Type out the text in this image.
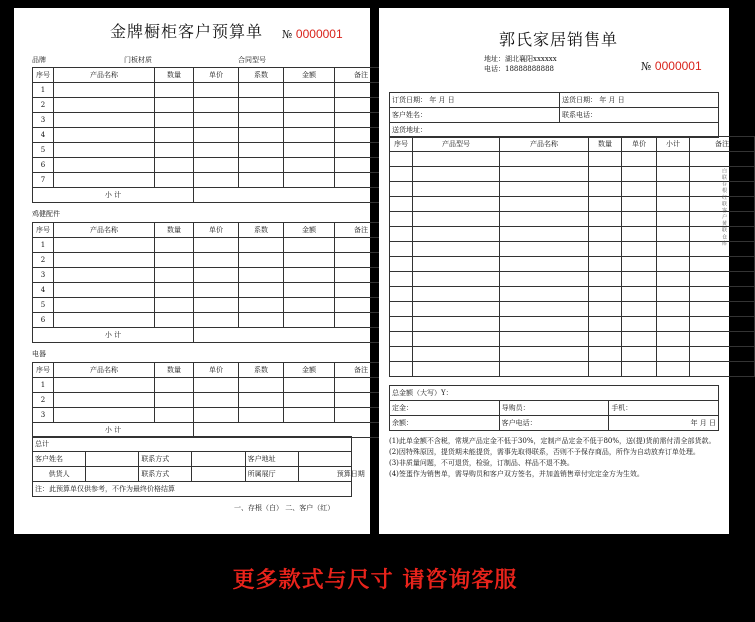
金牌橱柜客户预算单 № 0000001
品牌	门板材质	合同型号
序号	产品名称	数量	单价	系数	金额	备注
1						
2						
3						
4						
5						
6						
7						
小 计						
鸡健配件
序号	产品名称	数量	单价	系数	金额	备注
1						
2						
3						
4						
5						
6						
小 计						
电器
序号	产品名称	数量	单价	系数	金额	备注
1						
2						
3						
小 计						
总计					
客户姓名		联系方式		客户地址	
供货人		联系方式		所属展厅	预算日期
注：此预算单仅供参考，不作为最终价格结算					
一、存根（白） 二、客户（红）
郭氏家居销售单
地址：湖北襄阳xxxxxx
电话：18888888888	№ 0000001
订货日期： 年 月 日	送货日期： 年 月 日
客户姓名：	联系电话：
送货地址：	
序号	产品型号	产品名称	数量	单价	小计	备注

总金额（大写）Y：		
定金：	导购员：	手机：
余额：	客户电话：	年 月 日
(1)此单金额不含税，常规产品定金不低于30%，定制产品定金不低于80%，送(提)货前需付清全部货款。
(2)因特殊原因，提货期未能提货，需事先取得联系，否则不予保存商品，所作为自动放弃订单处理。
(3)非质量问题，不可退货，检验，订制品、样品不退不换。
(4)签蛋作为销售单，需导购员和客户双方签名，并加盖销售章付完定金方为生效。
白 联 存 根 红 联 客 户 黄 联 仓 库
更多款式与尺寸 请咨询客服
